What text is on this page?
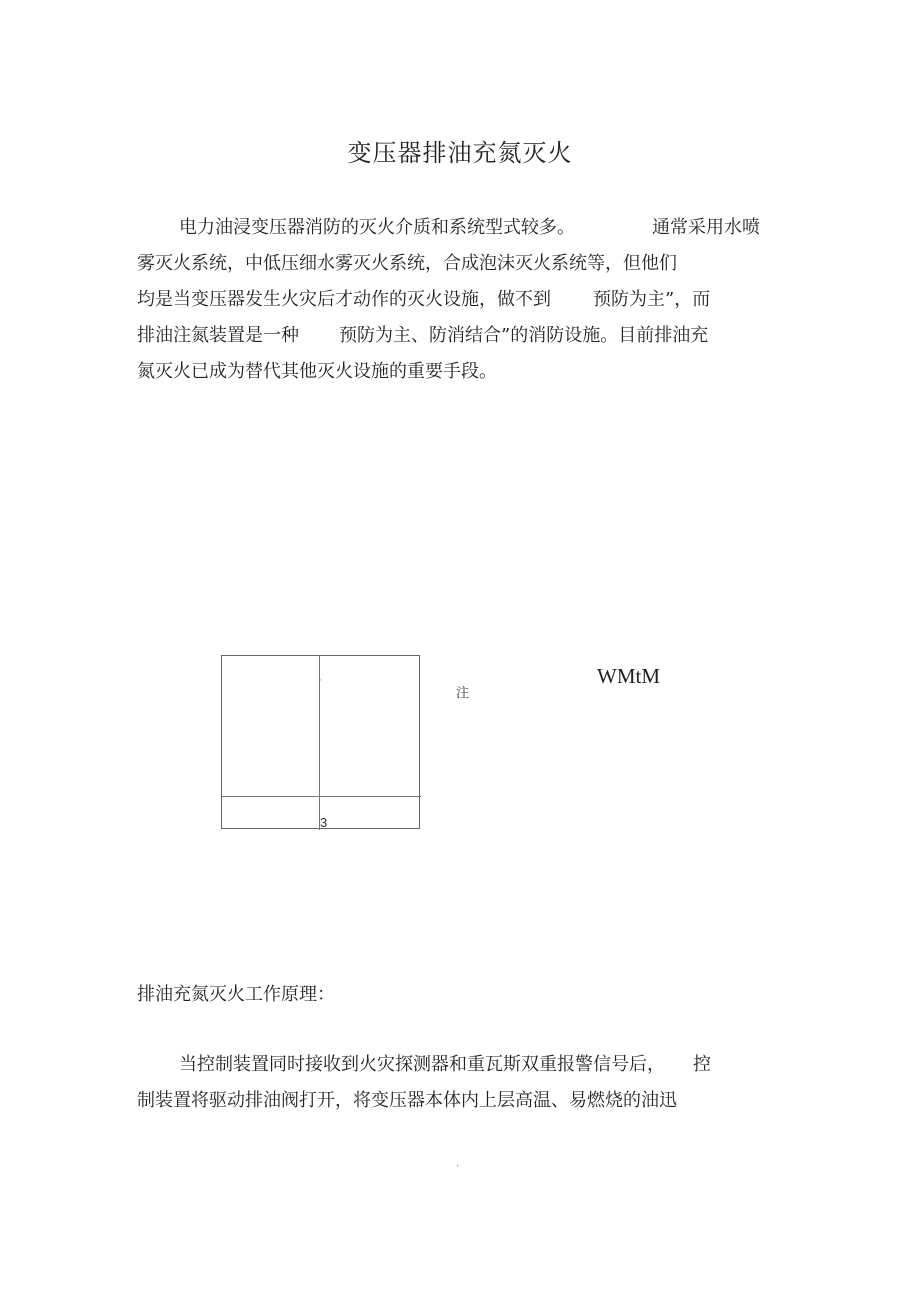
变压器排油充氮灭火
电力油浸变压器消防的灭火介质和系统型式较多。	通常采用水喷
雾灭火系统，中低压细水雾灭火系统，合成泡沫灭火系统等，但他们
均是当变压器发生火灾后才动作的灭火设施，做不到 预防为主”，而
排油注氮装置是一种 预防为主、防消结合”的消防设施。目前排油充
氮灭火已成为替代其他灭火设施的重要手段。
·
3
注
WMtM
排油充氮灭火工作原理：
当控制装置同时接收到火灾探测器和重瓦斯双重报警信号后， 控
制装置将驱动排油阀打开，将变压器本体内上层高温、易燃烧的油迅
.
